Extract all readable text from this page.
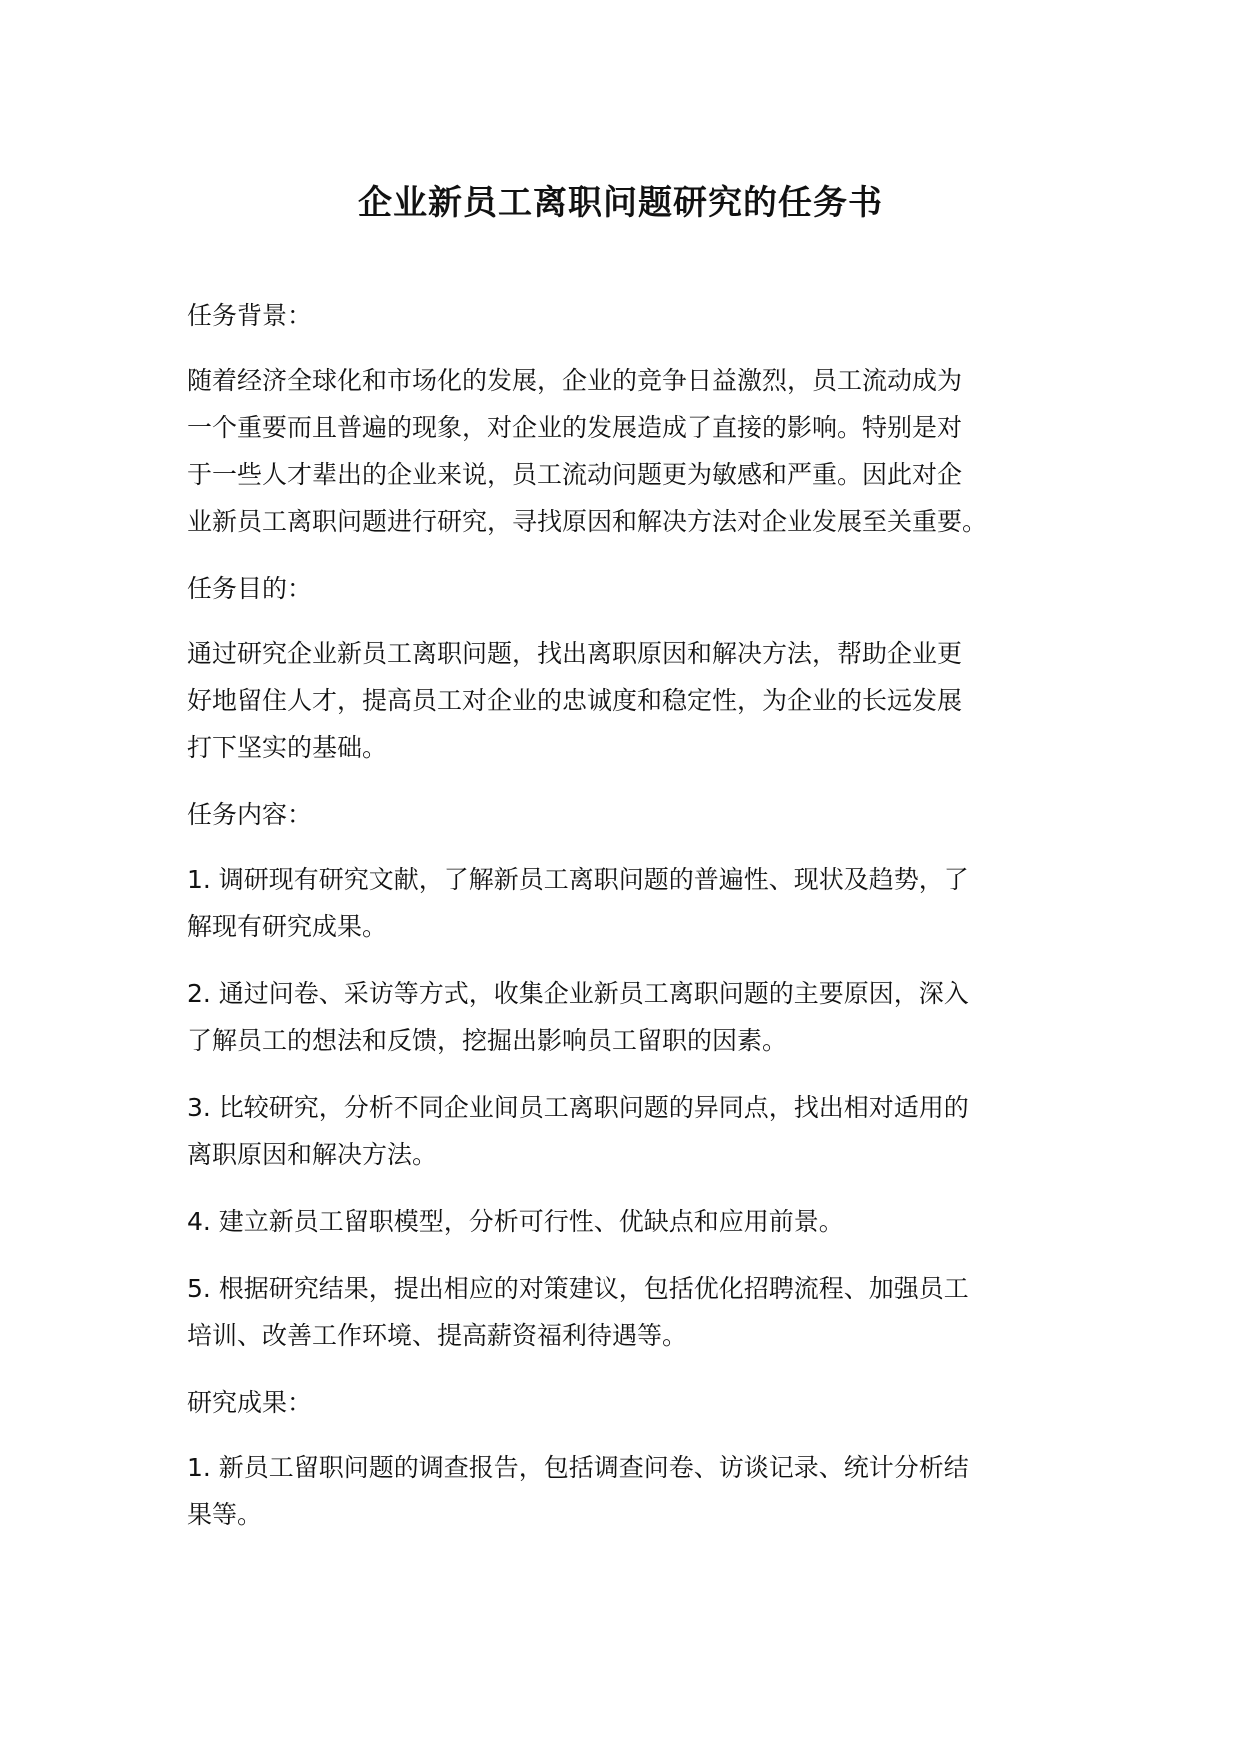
企业新员工离职问题研究的任务书

任务背景：

随着经济全球化和市场化的发展，企业的竞争日益激烈，员工流动成为
一个重要而且普遍的现象，对企业的发展造成了直接的影响。特别是对
于一些人才辈出的企业来说，员工流动问题更为敏感和严重。因此对企
业新员工离职问题进行研究，寻找原因和解决方法对企业发展至关重要。

任务目的：

通过研究企业新员工离职问题，找出离职原因和解决方法，帮助企业更
好地留住人才，提高员工对企业的忠诚度和稳定性，为企业的长远发展
打下坚实的基础。

任务内容：

1. 调研现有研究文献，了解新员工离职问题的普遍性、现状及趋势，了
解现有研究成果。

2. 通过问卷、采访等方式，收集企业新员工离职问题的主要原因，深入
了解员工的想法和反馈，挖掘出影响员工留职的因素。

3. 比较研究，分析不同企业间员工离职问题的异同点，找出相对适用的
离职原因和解决方法。

4. 建立新员工留职模型，分析可行性、优缺点和应用前景。

5. 根据研究结果，提出相应的对策建议，包括优化招聘流程、加强员工
培训、改善工作环境、提高薪资福利待遇等。

研究成果：

1. 新员工留职问题的调查报告，包括调查问卷、访谈记录、统计分析结
果等。
